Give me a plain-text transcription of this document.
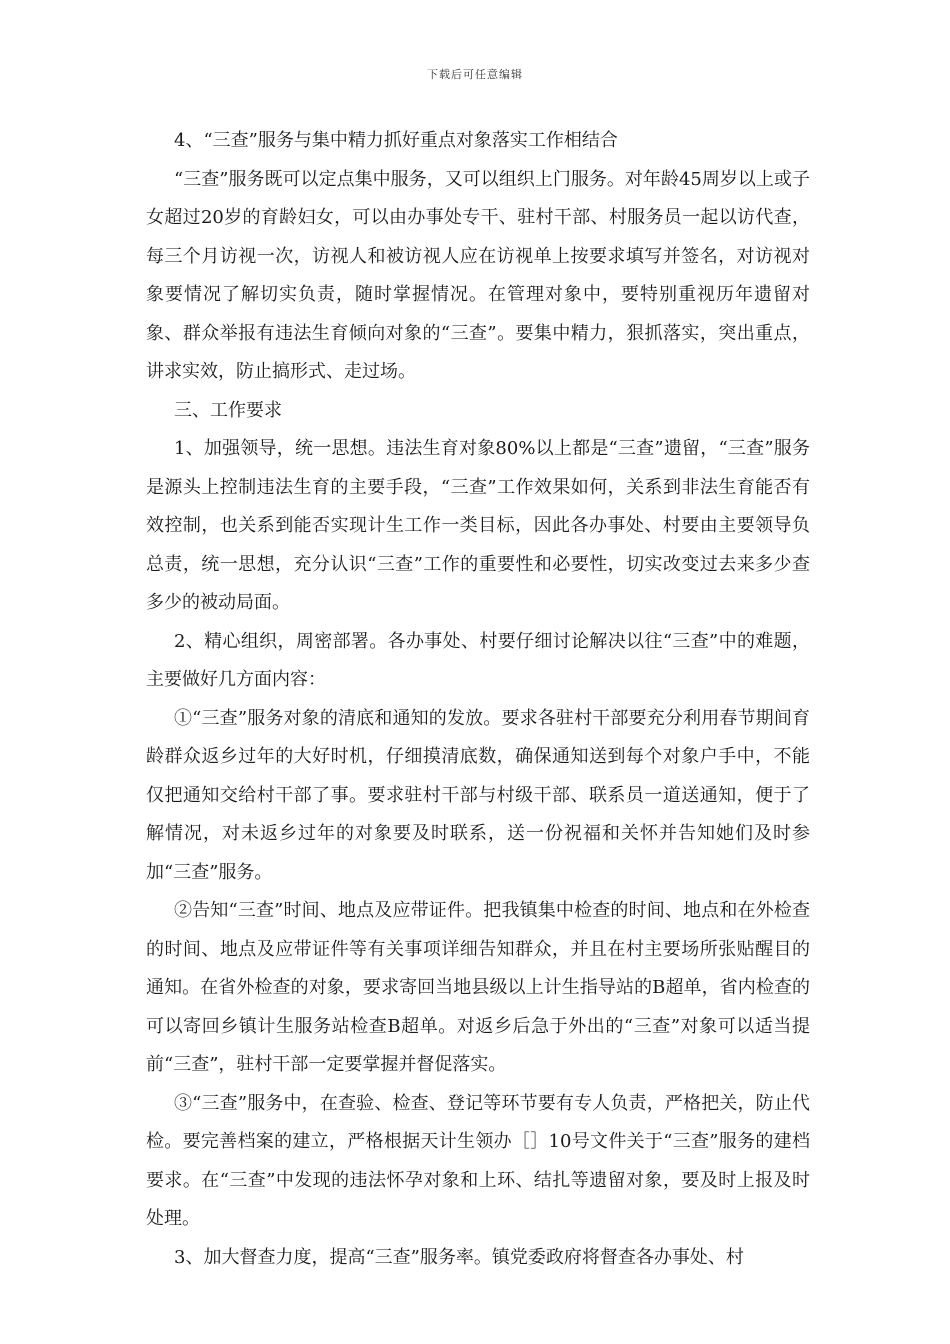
下载后可任意编辑

4、“三查”服务与集中精力抓好重点对象落实工作相结合

“三查”服务既可以定点集中服务，又可以组织上门服务。对年龄45周岁以上或子女超过20岁的育龄妇女，可以由办事处专干、驻村干部、村服务员一起以访代查，每三个月访视一次，访视人和被访视人应在访视单上按要求填写并签名，对访视对象要情况了解切实负责，随时掌握情况。在管理对象中，要特别重视历年遗留对象、群众举报有违法生育倾向对象的“三查”。要集中精力，狠抓落实，突出重点，讲求实效，防止搞形式、走过场。

三、工作要求

1、加强领导，统一思想。违法生育对象80%以上都是“三查”遗留，“三查”服务是源头上控制违法生育的主要手段，“三查”工作效果如何，关系到非法生育能否有效控制，也关系到能否实现计生工作一类目标，因此各办事处、村要由主要领导负总责，统一思想，充分认识“三查”工作的重要性和必要性，切实改变过去来多少查多少的被动局面。

2、精心组织，周密部署。各办事处、村要仔细讨论解决以往“三查”中的难题，主要做好几方面内容：

①“三查”服务对象的清底和通知的发放。要求各驻村干部要充分利用春节期间育龄群众返乡过年的大好时机，仔细摸清底数，确保通知送到每个对象户手中，不能仅把通知交给村干部了事。要求驻村干部与村级干部、联系员一道送通知，便于了解情况，对未返乡过年的对象要及时联系，送一份祝福和关怀并告知她们及时参加“三查”服务。

②告知“三查”时间、地点及应带证件。把我镇集中检查的时间、地点和在外检查的时间、地点及应带证件等有关事项详细告知群众，并且在村主要场所张贴醒目的通知。在省外检查的对象，要求寄回当地县级以上计生指导站的B超单，省内检查的可以寄回乡镇计生服务站检查B超单。对返乡后急于外出的“三查”对象可以适当提前“三查”，驻村干部一定要掌握并督促落实。

③“三查”服务中，在查验、检查、登记等环节要有专人负责，严格把关，防止代检。要完善档案的建立，严格根据天计生领办［］10号文件关于“三查”服务的建档要求。在“三查”中发现的违法怀孕对象和上环、结扎等遗留对象，要及时上报及时处理。

3、加大督查力度，提高“三查”服务率。镇党委政府将督查各办事处、村
